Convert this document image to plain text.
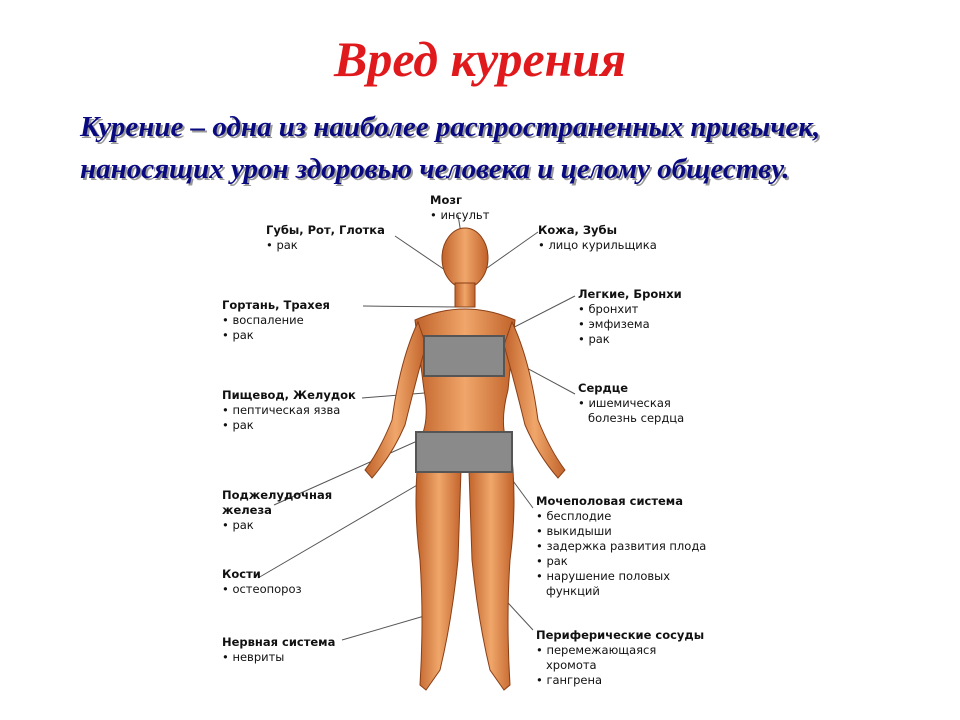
Вред курения
Курение – одна из наиболее распространенных привычек,
наносящих урон здоровью человека и целому обществу.
Мозг
• инсульт
Губы, Рот, Глотка
• рак
Кожа, Зубы
• лицо курильщика
Гортань, Трахея
• воспаление
• рак
Легкие, Бронхи
• бронхит
• эмфизема
• рак
Сердце
• ишемическая
болезнь сердца
Пищевод, Желудок
• пептическая язва
• рак
Поджелудочная
железа
• рак
Мочеполовая система
• бесплодие
• выкидыши
• задержка развития плода
• рак
• нарушение половых
функций
Кости
• остеопороз
Нервная система
• невриты
Периферические сосуды
• перемежающаяся
хромота
• гангрена
